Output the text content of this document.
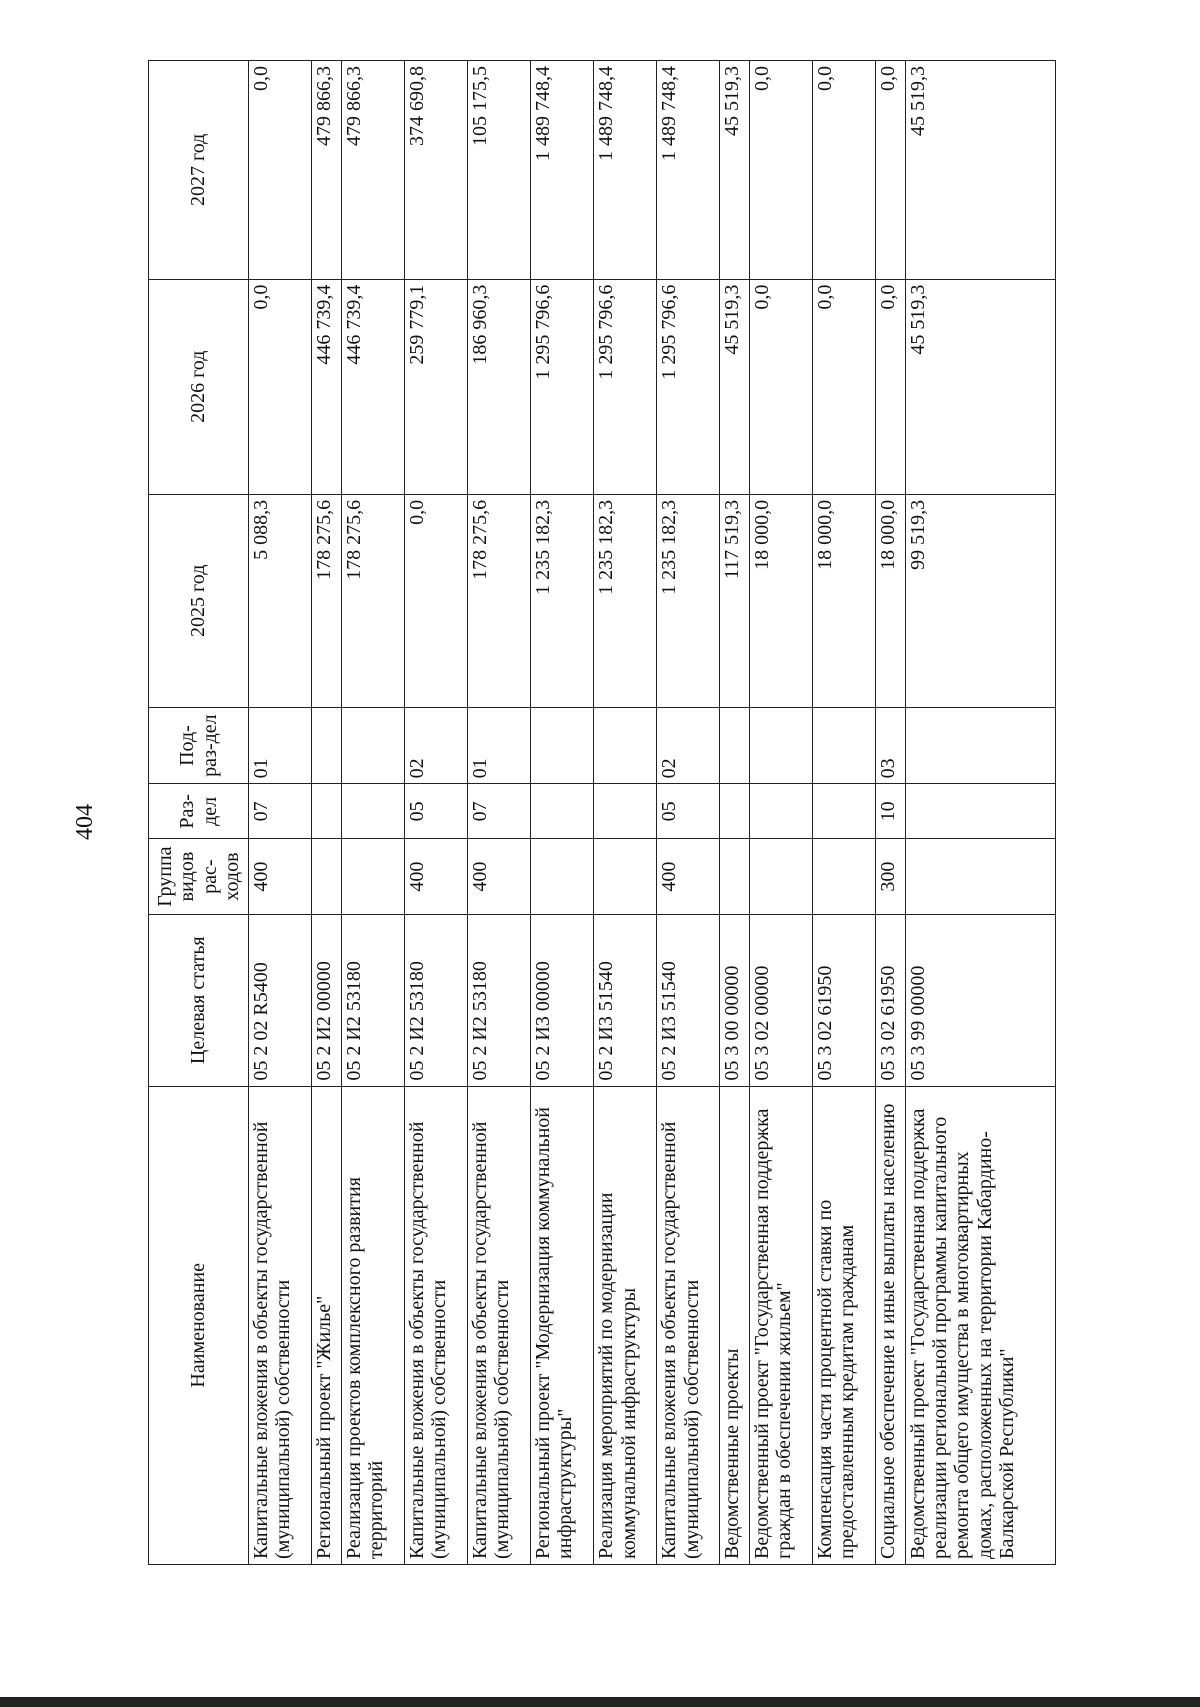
404
Наименование	Целевая статья	Группа видов рас-ходов	Раз-дел	Под-раз-дел	2025 год	2026 год	2027 год
Капитальные вложения в объекты государственной (муниципальной) собственности	05 2 02 R5400	400	07	01	5 088,3	0,0	0,0
Региональный проект "Жилье"	05 2 И2 00000				178 275,6	446 739,4	479 866,3
Реализация проектов комплексного развития территорий	05 2 И2 53180				178 275,6	446 739,4	479 866,3
Капитальные вложения в объекты государственной (муниципальной) собственности	05 2 И2 53180	400	05	02	0,0	259 779,1	374 690,8
Капитальные вложения в объекты государственной (муниципальной) собственности	05 2 И2 53180	400	07	01	178 275,6	186 960,3	105 175,5
Региональный проект "Модернизация коммунальной инфраструктуры"	05 2 И3 00000				1 235 182,3	1 295 796,6	1 489 748,4
Реализация мероприятий по модернизации коммунальной инфраструктуры	05 2 И3 51540				1 235 182,3	1 295 796,6	1 489 748,4
Капитальные вложения в объекты государственной (муниципальной) собственности	05 2 И3 51540	400	05	02	1 235 182,3	1 295 796,6	1 489 748,4
Ведомственные проекты	05 3 00 00000				117 519,3	45 519,3	45 519,3
Ведомственный проект "Государственная поддержка граждан в обеспечении жильем"	05 3 02 00000				18 000,0	0,0	0,0
Компенсация части процентной ставки по предоставленным кредитам гражданам	05 3 02 61950				18 000,0	0,0	0,0
Социальное обеспечение и иные выплаты населению	05 3 02 61950	300	10	03	18 000,0	0,0	0,0
Ведомственный проект "Государственная поддержка реализации региональной программы капитального ремонта общего имущества в многоквартирных домах, расположенных на территории Кабардино-Балкарской Республики"	05 3 99 00000				99 519,3	45 519,3	45 519,3
